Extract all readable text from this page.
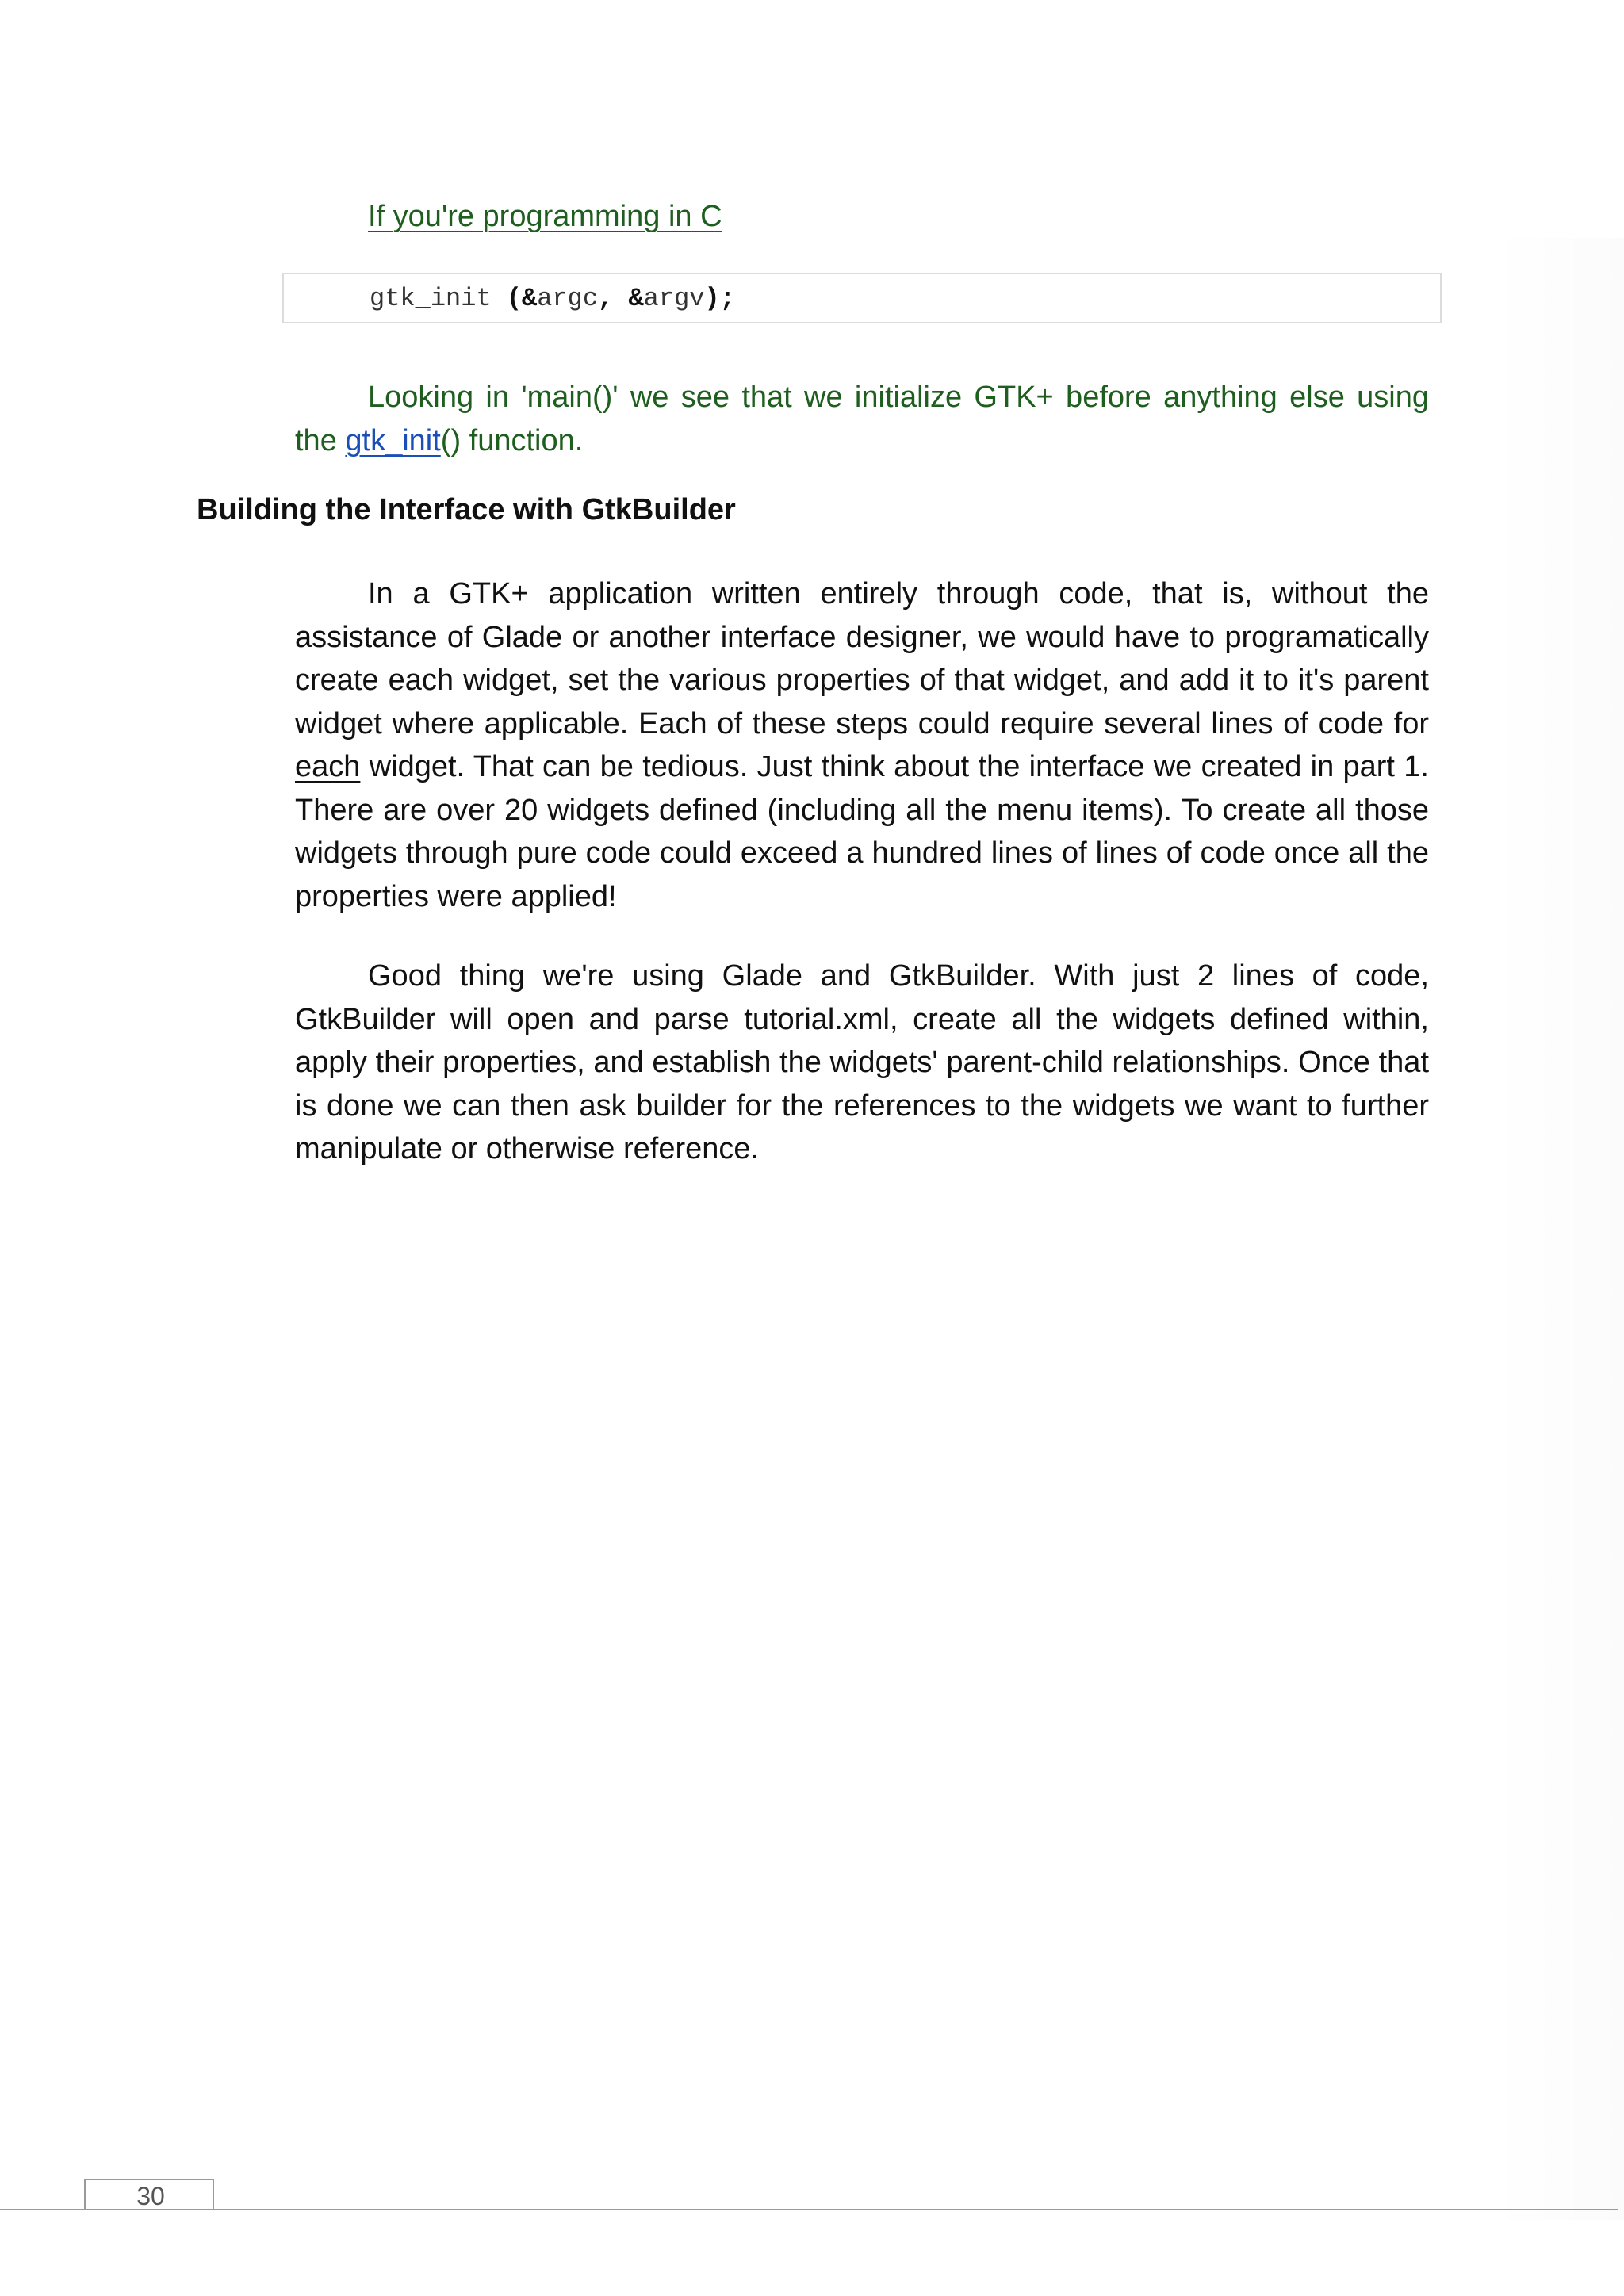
If you're programming in C
gtk_init (&argc, &argv);

Looking in 'main()' we see that we initialize GTK+ before anything else using the gtk_init() function.

Building the Interface with GtkBuilder

In a GTK+ application written entirely through code, that is, without the assistance of Glade or another interface designer, we would have to programatically create each widget, set the various properties of that widget, and add it to it's parent widget where applicable. Each of these steps could require several lines of code for each widget. That can be tedious. Just think about the interface we created in part 1. There are over 20 widgets defined (including all the menu items). To create all those widgets through pure code could exceed a hundred lines of lines of code once all the properties were applied!

Good thing we're using Glade and GtkBuilder. With just 2 lines of code, GtkBuilder will open and parse tutorial.xml, create all the widgets defined within, apply their properties, and establish the widgets' parent-child relationships. Once that is done we can then ask builder for the references to the widgets we want to further manipulate or otherwise reference.

30
